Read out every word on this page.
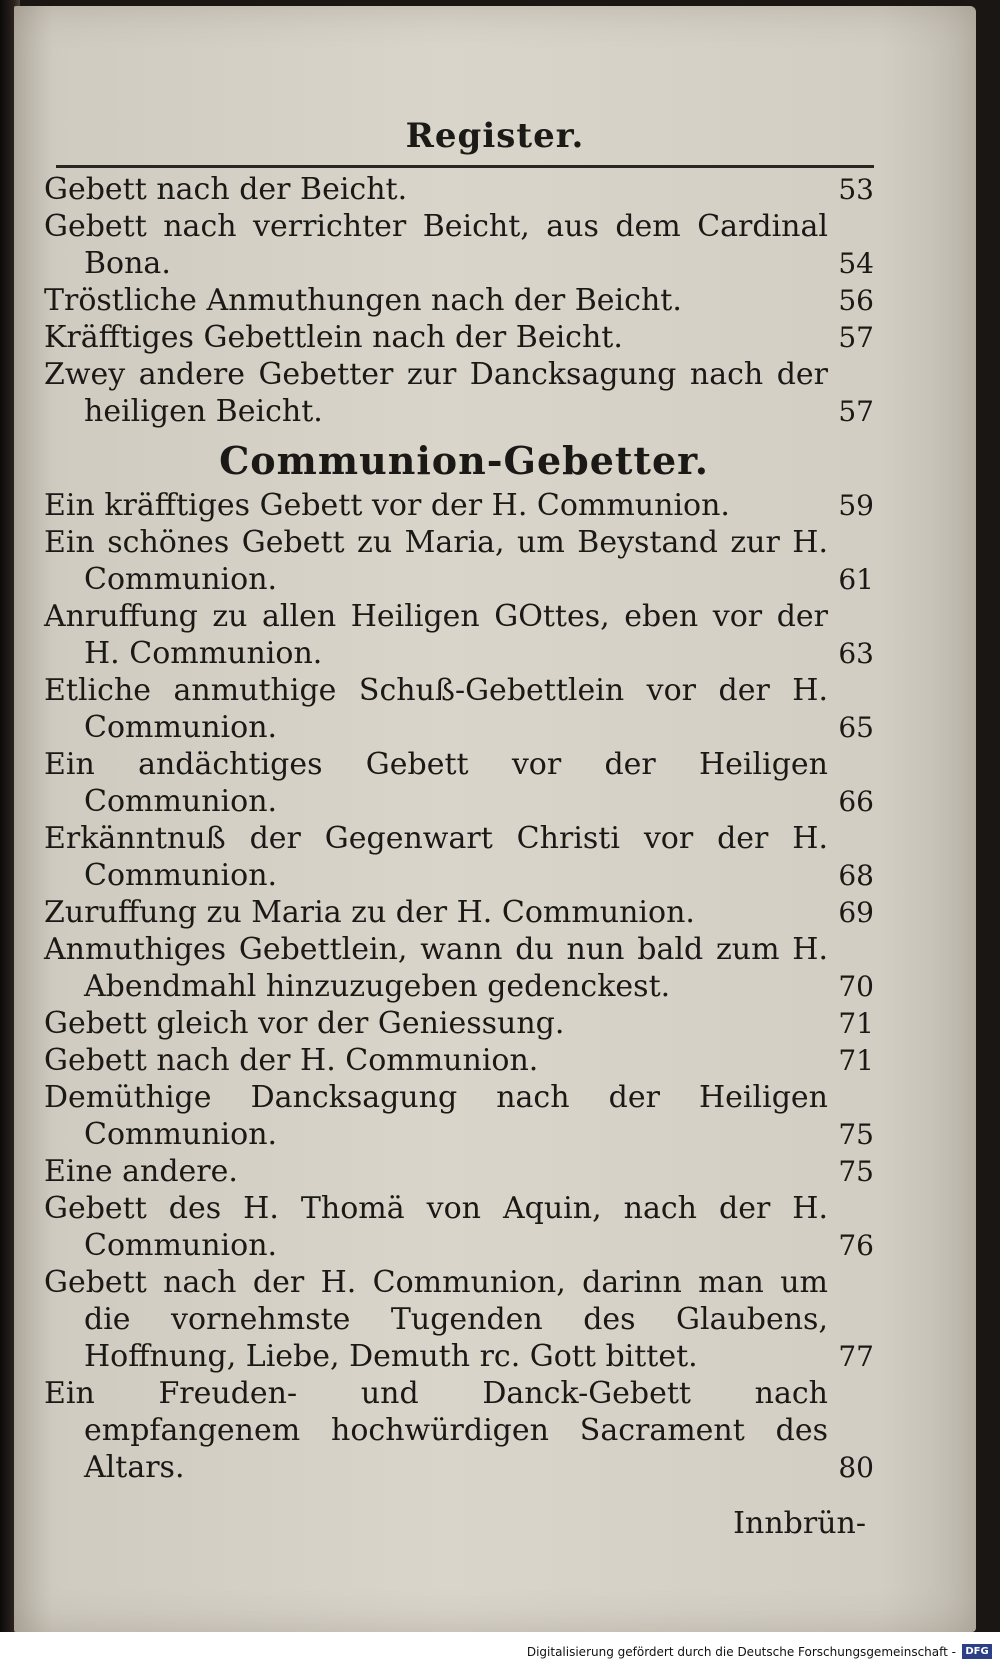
Register.
Gebett nach der Beicht.	53
Gebett nach verrichter Beicht, aus dem Cardinal Bona.	54
Tröstliche Anmuthungen nach der Beicht.	56
Kräfftiges Gebettlein nach der Beicht.	57
Zwey andere Gebetter zur Dancksagung nach der heiligen Beicht.	57
Communion-Gebetter.
Ein kräfftiges Gebett vor der H. Communion.	59
Ein schönes Gebett zu Maria, um Beystand zur H. Communion.	61
Anruffung zu allen Heiligen GOttes, eben vor der H. Communion.	63
Etliche anmuthige Schuß-Gebettlein vor der H. Communion.	65
Ein andächtiges Gebett vor der Heiligen Communion.	66
Erkänntnuß der Gegenwart Christi vor der H. Communion.	68
Zuruffung zu Maria zu der H. Communion.	69
Anmuthiges Gebettlein, wann du nun bald zum H. Abendmahl hinzuzugeben gedenckest.	70
Gebett gleich vor der Geniessung.	71
Gebett nach der H. Communion.	71
Demüthige Dancksagung nach der Heiligen Communion.	75
Eine andere.	75
Gebett des H. Thomä von Aquin, nach der H. Communion.	76
Gebett nach der H. Communion, darinn man um die vornehmste Tugenden des Glaubens, Hoffnung, Liebe, Demuth rc. Gott bittet.	77
Ein Freuden- und Danck-Gebett nach empfangenem hochwürdigen Sacrament des Altars.	80
Innbrün-
Digitalisierung gefördert durch die Deutsche Forschungsgemeinschaft - DFG
